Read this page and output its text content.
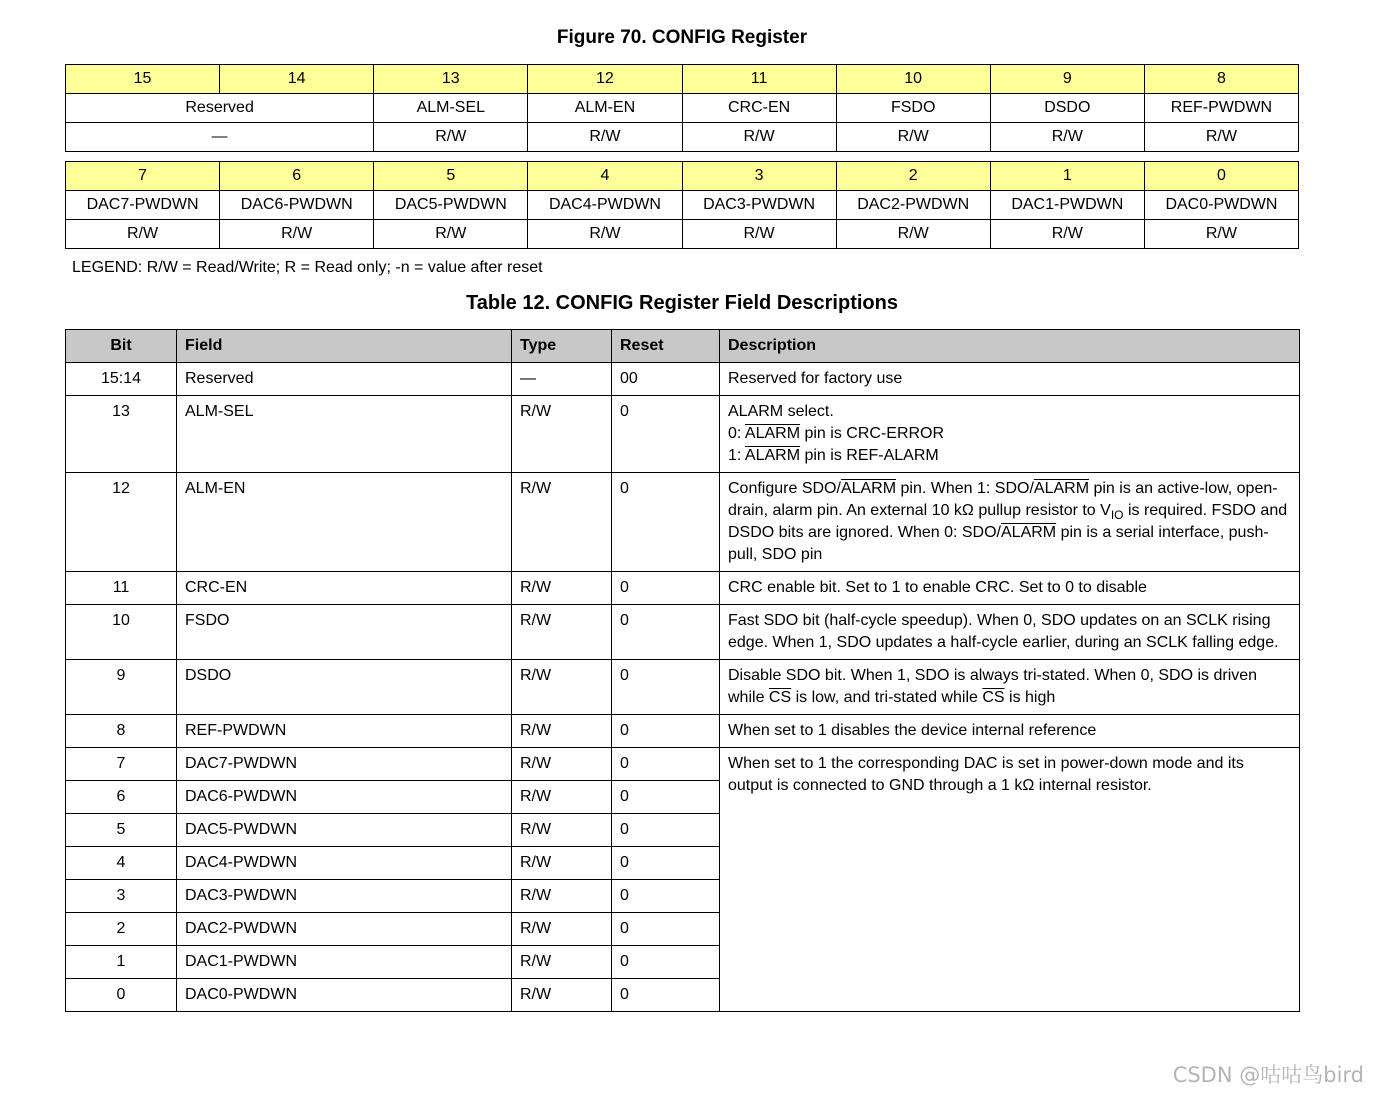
Figure 70. CONFIG Register
15	14	13	12	11	10	9	8
Reserved		ALM-SEL	ALM-EN	CRC-EN	FSDO	DSDO	REF-PWDWN
—		R/W	R/W	R/W	R/W	R/W	R/W
7	6	5	4	3	2	1	0
DAC7-PWDWN	DAC6-PWDWN	DAC5-PWDWN	DAC4-PWDWN	DAC3-PWDWN	DAC2-PWDWN	DAC1-PWDWN	DAC0-PWDWN
R/W	R/W	R/W	R/W	R/W	R/W	R/W	R/W
LEGEND: R/W = Read/Write; R = Read only; -n = value after reset
Table 12. CONFIG Register Field Descriptions
Bit	Field	Type	Reset	Description
15:14	Reserved	—	00	Reserved for factory use

13	ALM-SEL	R/W	0	ALARM select.
0: ALARM pin is CRC-ERROR
1: ALARM pin is REF-ALARM

12	ALM-EN	R/W	0	Configure SDO/ALARM pin. When 1: SDO/ALARM pin is an active-low, open-drain, alarm pin. An external 10 kΩ pullup resistor to $V_{IO}$ is required. FSDO and DSDO bits are ignored. When 0: SDO/ALARM pin is a serial interface, push-pull, SDO pin

11	CRC-EN	R/W	0	CRC enable bit. Set to 1 to enable CRC. Set to 0 to disable

10	FSDO	R/W	0	Fast SDO bit (half-cycle speedup). When 0, SDO updates on an SCLK rising edge. When 1, SDO updates a half-cycle earlier, during an SCLK falling edge.

9	DSDO	R/W	0	Disable SDO bit. When 1, SDO is always tri-stated. When 0, SDO is driven while $\overline{CS}$ is low, and tri-stated while $\overline{CS}$ is high

8	REF-PWDWN	R/W	0	When set to 1 disables the device internal reference

7	DAC7-PWDWN	R/W	0	When set to 1 the corresponding DAC is set in power-down mode and its output is connected to GND through a 1 kΩ internal resistor.

6	DAC6-PWDWN	R/W	0	
5	DAC5-PWDWN	R/W	0	
4	DAC4-PWDWN	R/W	0	
3	DAC3-PWDWN	R/W	0	
2	DAC2-PWDWN	R/W	0	
1	DAC1-PWDWN	R/W	0	
0	DAC0-PWDWN	R/W	0	
CSDN @咕咕鸟bird
